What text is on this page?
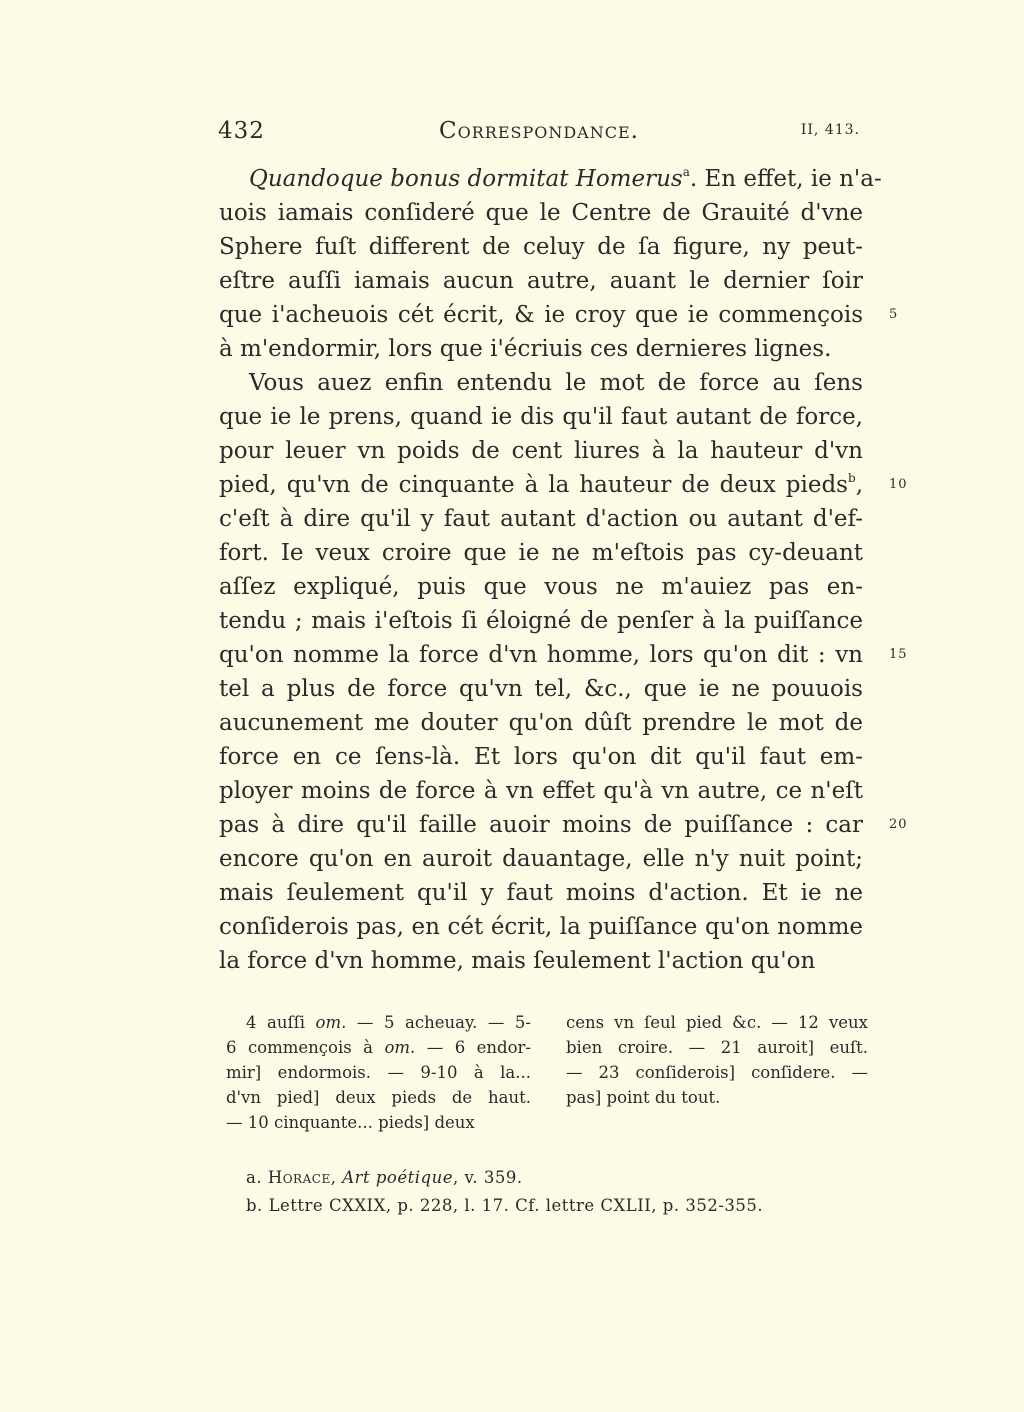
432	Correspondance.	II, 413.
Quandoque bonus dormitat Homerus$^a$. En effet, ie n'a-
uois iamais conſideré que le Centre de Grauité d'vne
Sphere fuſt different de celuy de ſa figure, ny peut-
eſtre auſſi iamais aucun autre, auant le dernier ſoir
que i'acheuois cét écrit, & ie croy que ie commençois 5
à m'endormir, lors que i'écriuis ces dernieres lignes.
Vous auez enfin entendu le mot de force au ſens
que ie le prens, quand ie dis qu'il faut autant de force,
pour leuer vn poids de cent liures à la hauteur d'vn
pied, qu'vn de cinquante à la hauteur de deux pieds$^b$, 10
c'eſt à dire qu'il y faut autant d'action ou autant d'ef-
fort. Ie veux croire que ie ne m'eſtois pas cy-deuant
aſſez expliqué, puis que vous ne m'auiez pas en-
tendu ; mais i'eſtois ſi éloigné de penſer à la puiſſance
qu'on nomme la force d'vn homme, lors qu'on dit : vn 15
tel a plus de force qu'vn tel, &c., que ie ne pouuois
aucunement me douter qu'on dûſt prendre le mot de
force en ce ſens-là. Et lors qu'on dit qu'il faut em-
ployer moins de force à vn effet qu'à vn autre, ce n'eſt
pas à dire qu'il faille auoir moins de puiſſance : car 20
encore qu'on en auroit dauantage, elle n'y nuit point;
mais ſeulement qu'il y faut moins d'action. Et ie ne
conſiderois pas, en cét écrit, la puiſſance qu'on nomme
la force d'vn homme, mais ſeulement l'action qu'on
4 auſſi om. — 5 acheuay. — 5-
6 commençois à om. — 6 endor-
mir] endormois. — 9-10 à la...
d'vn pied] deux pieds de haut.
— 10 cinquante... pieds] deux
cens vn ſeul pied &c. — 12 veux
bien croire. — 21 auroit] euſt.
— 23 conſiderois] conſidere. —
pas] point du tout.
a. Horace, Art poétique, v. 359.
b. Lettre CXXIX, p. 228, l. 17. Cf. lettre CXLII, p. 352-355.
